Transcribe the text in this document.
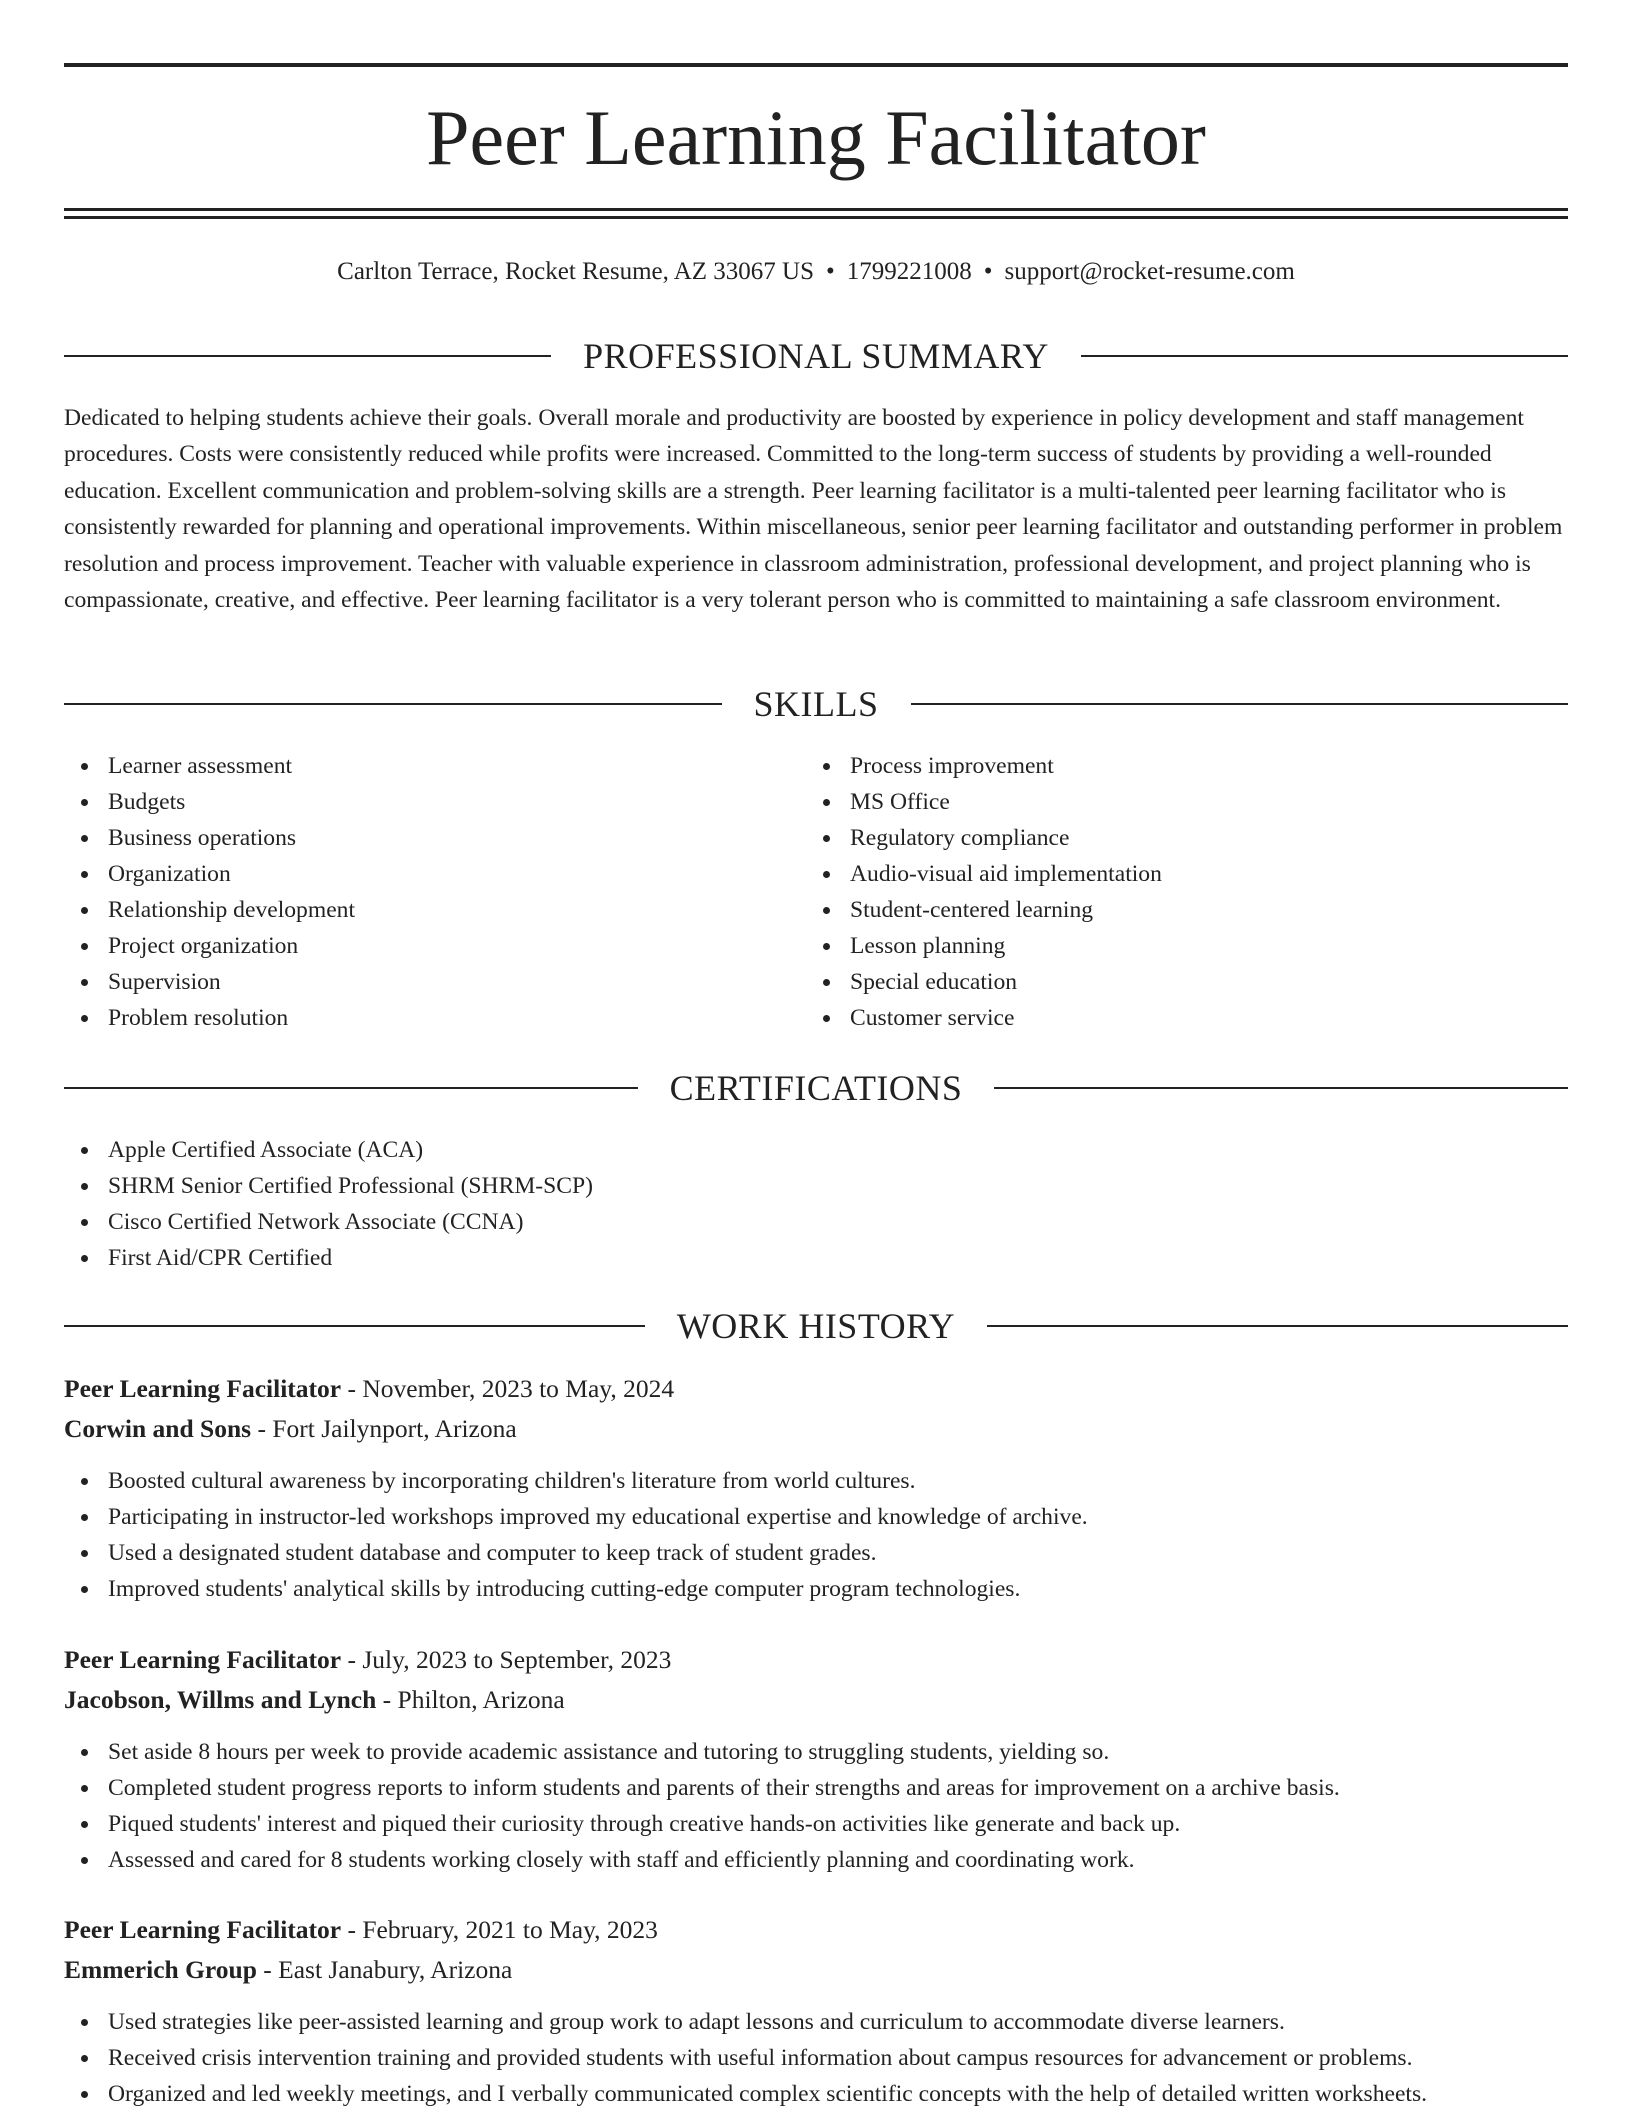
Peer Learning Facilitator
Carlton Terrace, Rocket Resume, AZ 33067 US • 1799221008 • support@rocket-resume.com
PROFESSIONAL SUMMARY
Dedicated to helping students achieve their goals. Overall morale and productivity are boosted by experience in policy development and staff management procedures. Costs were consistently reduced while profits were increased. Committed to the long-term success of students by providing a well-rounded education. Excellent communication and problem-solving skills are a strength. Peer learning facilitator is a multi-talented peer learning facilitator who is consistently rewarded for planning and operational improvements. Within miscellaneous, senior peer learning facilitator and outstanding performer in problem resolution and process improvement. Teacher with valuable experience in classroom administration, professional development, and project planning who is compassionate, creative, and effective. Peer learning facilitator is a very tolerant person who is committed to maintaining a safe classroom environment.
SKILLS
Learner assessment
Budgets
Business operations
Organization
Relationship development
Project organization
Supervision
Problem resolution
Process improvement
MS Office
Regulatory compliance
Audio-visual aid implementation
Student-centered learning
Lesson planning
Special education
Customer service
CERTIFICATIONS
Apple Certified Associate (ACA)
SHRM Senior Certified Professional (SHRM-SCP)
Cisco Certified Network Associate (CCNA)
First Aid/CPR Certified
WORK HISTORY
Peer Learning Facilitator - November, 2023 to May, 2024
Corwin and Sons - Fort Jailynport, Arizona
Boosted cultural awareness by incorporating children's literature from world cultures.
Participating in instructor-led workshops improved my educational expertise and knowledge of archive.
Used a designated student database and computer to keep track of student grades.
Improved students' analytical skills by introducing cutting-edge computer program technologies.
Peer Learning Facilitator - July, 2023 to September, 2023
Jacobson, Willms and Lynch - Philton, Arizona
Set aside 8 hours per week to provide academic assistance and tutoring to struggling students, yielding so.
Completed student progress reports to inform students and parents of their strengths and areas for improvement on a archive basis.
Piqued students' interest and piqued their curiosity through creative hands-on activities like generate and back up.
Assessed and cared for 8 students working closely with staff and efficiently planning and coordinating work.
Peer Learning Facilitator - February, 2021 to May, 2023
Emmerich Group - East Janabury, Arizona
Used strategies like peer-assisted learning and group work to adapt lessons and curriculum to accommodate diverse learners.
Received crisis intervention training and provided students with useful information about campus resources for advancement or problems.
Organized and led weekly meetings, and I verbally communicated complex scientific concepts with the help of detailed written worksheets.
